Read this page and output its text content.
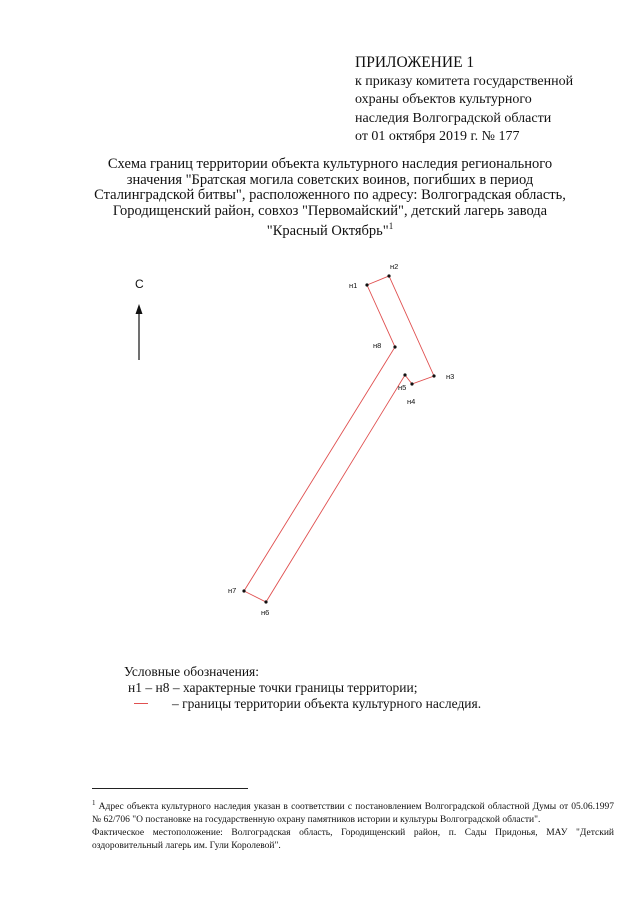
ПРИЛОЖЕНИЕ 1
к приказу комитета государственной
охраны объектов культурного
наследия Волгоградской области
от 01 октября 2019 г. № 177
Схема границ территории объекта культурного наследия регионального
значения "Братская могила советских воинов, погибших в период
Сталинградской битвы", расположенного по адресу: Волгоградская область,
Городищенский район, совхоз "Первомайский", детский лагерь завода
"Красный Октябрь"$^1$
С	н1
н2
н3
н4
н5
н6
н7
н8
Условные обозначения:
н1 – н8 – характерные точки границы территории;
– границы территории объекта культурного наследия.

$^1$ Адрес объекта культурного наследия указан в соответствии с постановлением Волгоградской областной Думы от 05.06.1997 № 62/706 "О постановке на государственную охрану памятников истории и культуры Волгоградской области".

Фактическое местоположение: Волгоградская область, Городищенский район, п. Сады Придонья, МАУ "Детский оздоровительный лагерь им. Гули Королевой".
